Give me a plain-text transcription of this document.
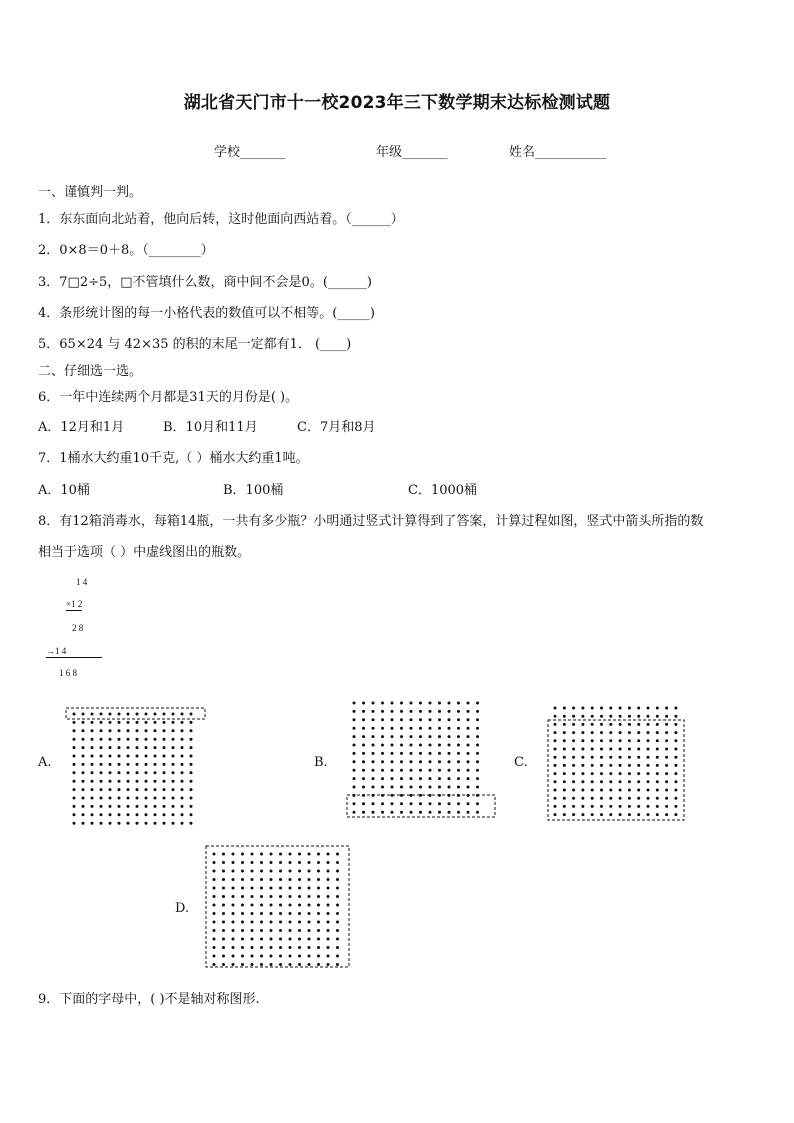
湖北省天门市十一校2023年三下数学期末达标检测试题
学校_______	年级_______	姓名___________
一、谨慎判一判。
1．东东面向北站着，他向后转，这时他面向西站着。（______）
2．0×8＝0＋8。（________）
3．7□2÷5，□不管填什么数，商中间不会是0。(______)
4．条形统计图的每一小格代表的数值可以不相等。(_____)
5．65×24 与 42×35 的积的末尾一定都有1． (____)
二、仔细选一选。
6．一年中连续两个月都是31天的月份是( )。
A．12月和1月	B．10月和11月	C．7月和8月
7．1桶水大约重10千克,（ ）桶水大约重1吨。
A．10桶	B．100桶	C．1000桶
8．有12箱消毒水，每箱14瓶，一共有多少瓶？小明通过竖式计算得到了答案，计算过程如图，竖式中箭头所指的数
相当于选项（ ）中虚线图出的瓶数。
1 4
×1 2
2 8
→1 4
1 6 8
A.	B.	C.
D.
9．下面的字母中，( )不是轴对称图形.
